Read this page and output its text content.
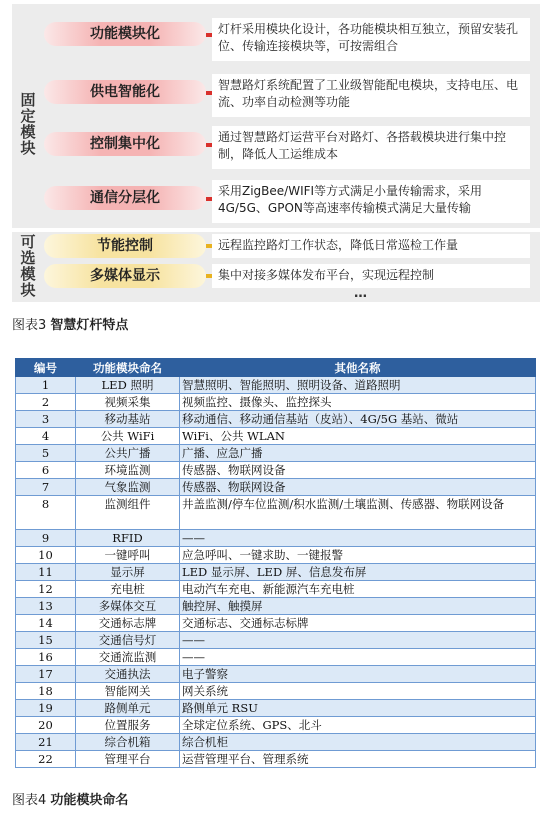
固
定
模
块
功能模块化	灯杆采用模块化设计，各功能模块相互独立，预留安装孔位、传输连接模块等，可按需组合
供电智能化	智慧路灯系统配置了工业级智能配电模块，支持电压、电流、功率自动检测等功能
控制集中化	通过智慧路灯运营平台对路灯、各搭载模块进行集中控制，降低人工运维成本
通信分层化	采用ZigBee/WIFI等方式满足小量传输需求，采用4G/5G、GPON等高速率传输模式满足大量传输
可
选
模
块
节能控制	远程监控路灯工作状态，降低日常巡检工作量
多媒体显示	集中对接多媒体发布平台，实现远程控制
…
图表3 智慧灯杆特点
编号	功能模块命名	其他名称
1	LED 照明	智慧照明、智能照明、照明设备、道路照明
2	视频采集	视频监控、摄像头、监控探头
3	移动基站	移动通信、移动通信基站（皮站）、4G/5G 基站、微站
4	公共 WiFi	WiFi、公共 WLAN
5	公共广播	广播、应急广播
6	环境监测	传感器、物联网设备
7	气象监测	传感器、物联网设备
8	监测组件	井盖监测/停车位监测/积水监测/土壤监测、传感器、物联网设备
9	RFID	——
10	一键呼叫	应急呼叫、一键求助、一键报警
11	显示屏	LED 显示屏、LED 屏、信息发布屏
12	充电桩	电动汽车充电、新能源汽车充电桩
13	多媒体交互	触控屏、触摸屏
14	交通标志牌	交通标志、交通标志标牌
15	交通信号灯	——
16	交通流监测	——
17	交通执法	电子警察
18	智能网关	网关系统
19	路侧单元	路侧单元 RSU
20	位置服务	全球定位系统、GPS、北斗
21	综合机箱	综合机柜
22	管理平台	运营管理平台、管理系统
图表4 功能模块命名
